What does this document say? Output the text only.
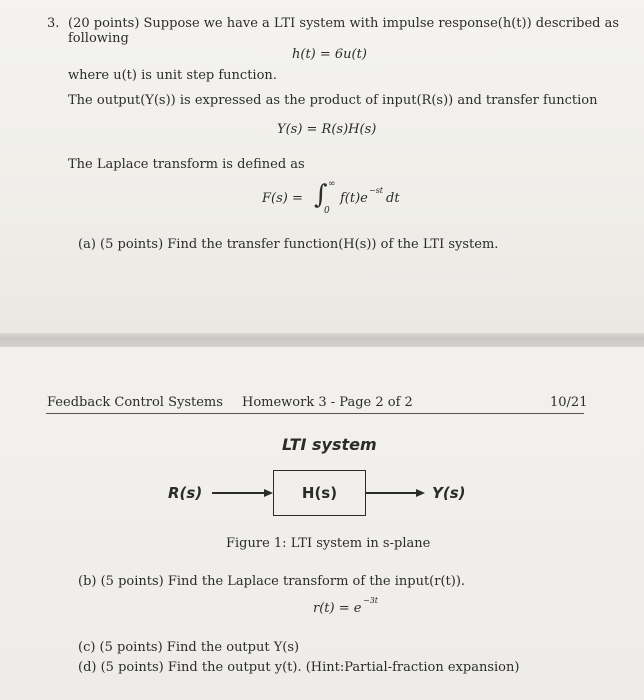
3. (20 points) Suppose we have a LTI system with impulse response(h(t)) described as
following
h(t) = 6u(t)
where u(t) is unit step function.
The output(Y(s)) is expressed as the product of input(R(s)) and transfer function
Y(s) = R(s)H(s)
The Laplace transform is defined as
F(s) = ∫ ∞
0
f(t)e
−st
dt
(a) (5 points) Find the transfer function(H(s)) of the LTI system.
Feedback Control Systems Homework 3 - Page 2 of 2	10/21
LTI system
R(s)	H(s)	Y(s)
Figure 1: LTI system in s-plane
(b) (5 points) Find the Laplace transform of the input(r(t)).
r(t) = e
−3t
(c) (5 points) Find the output Y(s)
(d) (5 points) Find the output y(t). (Hint:Partial-fraction expansion)
